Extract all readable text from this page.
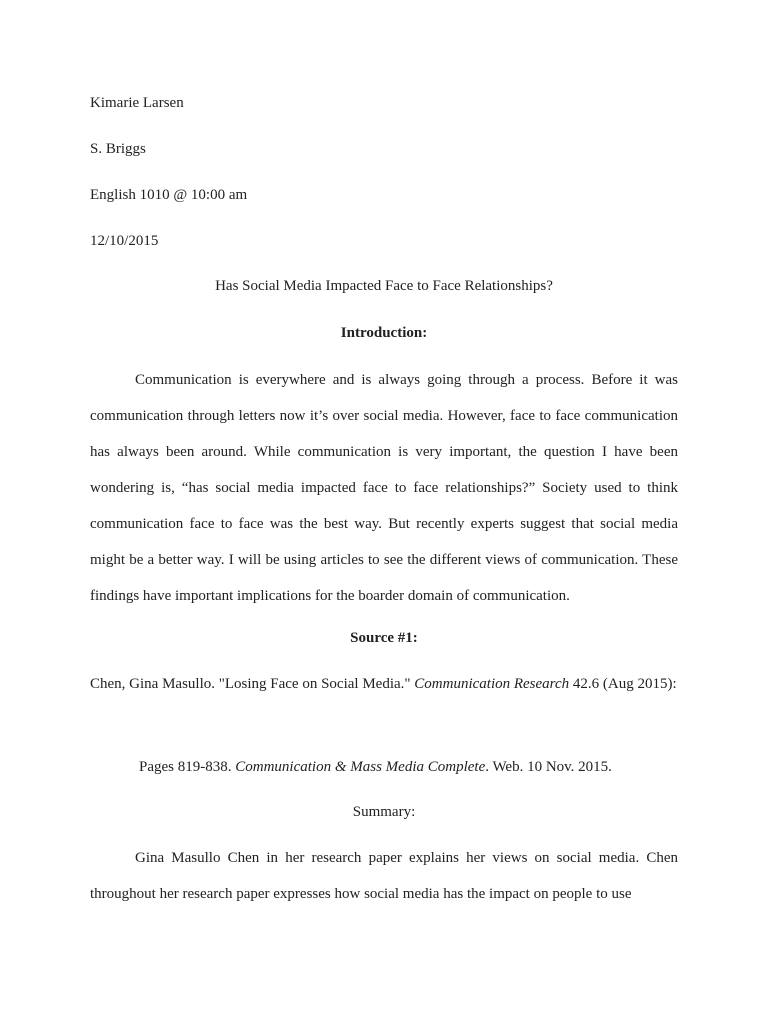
Kimarie Larsen
S. Briggs
English 1010 @ 10:00 am
12/10/2015
Has Social Media Impacted Face to Face Relationships?
Introduction:
Communication is everywhere and is always going through a process. Before it was communication through letters now it’s over social media. However, face to face communication has always been around. While communication is very important, the question I have been wondering is, “has social media impacted face to face relationships?” Society used to think communication face to face was the best way. But recently experts suggest that social media might be a better way. I will be using articles to see the different views of communication. These findings have important implications for the boarder domain of communication.
Source #1:
Chen, Gina Masullo. "Losing Face on Social Media." Communication Research 42.6 (Aug 2015):
Pages 819-838. Communication & Mass Media Complete. Web. 10 Nov. 2015.
Summary:
Gina Masullo Chen in her research paper explains her views on social media. Chen throughout her research paper expresses how social media has the impact on people to use
